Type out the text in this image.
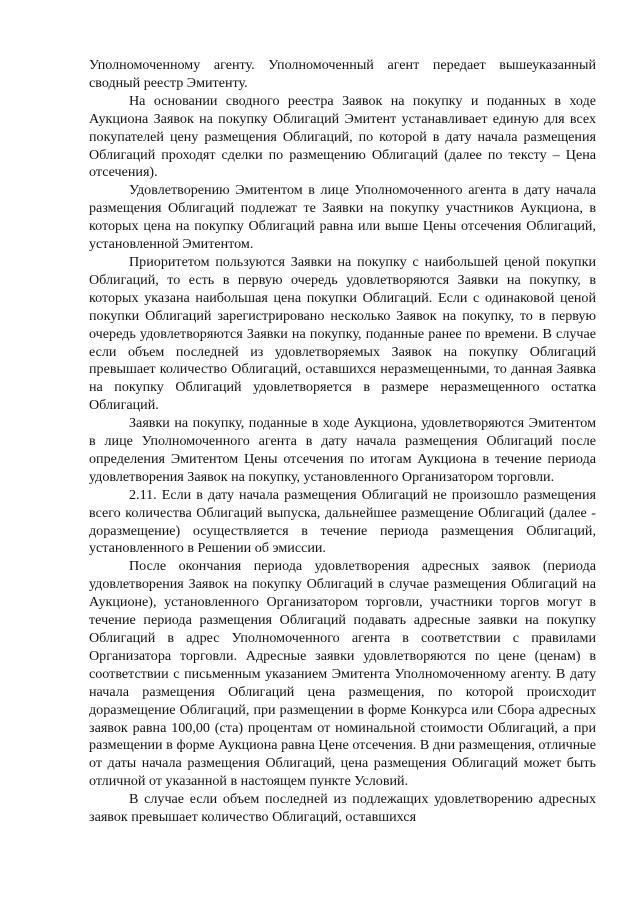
Уполномоченному агенту. Уполномоченный агент передает вышеуказанный сводный реестр Эмитенту.

На основании сводного реестра Заявок на покупку и поданных в ходе Аукциона Заявок на покупку Облигаций Эмитент устанавливает единую для всех покупателей цену размещения Облигаций, по которой в дату начала размещения Облигаций проходят сделки по размещению Облигаций (далее по тексту – Цена отсечения).

Удовлетворению Эмитентом в лице Уполномоченного агента в дату начала размещения Облигаций подлежат те Заявки на покупку участников Аукциона, в которых цена на покупку Облигаций равна или выше Цены отсечения Облигаций, установленной Эмитентом.

Приоритетом пользуются Заявки на покупку с наибольшей ценой покупки Облигаций, то есть в первую очередь удовлетворяются Заявки на покупку, в которых указана наибольшая цена покупки Облигаций. Если с одинаковой ценой покупки Облигаций зарегистрировано несколько Заявок на покупку, то в первую очередь удовлетворяются Заявки на покупку, поданные ранее по времени. В случае если объем последней из удовлетворяемых Заявок на покупку Облигаций превышает количество Облигаций, оставшихся неразмещенными, то данная Заявка на покупку Облигаций удовлетворяется в размере неразмещенного остатка Облигаций.

Заявки на покупку, поданные в ходе Аукциона, удовлетворяются Эмитентом в лице Уполномоченного агента в дату начала размещения Облигаций после определения Эмитентом Цены отсечения по итогам Аукциона в течение периода удовлетворения Заявок на покупку, установленного Организатором торговли.

2.11. Если в дату начала размещения Облигаций не произошло размещения всего количества Облигаций выпуска, дальнейшее размещение Облигаций (далее - доразмещение) осуществляется в течение периода размещения Облигаций, установленного в Решении об эмиссии.

После окончания периода удовлетворения адресных заявок (периода удовлетворения Заявок на покупку Облигаций в случае размещения Облигаций на Аукционе), установленного Организатором торговли, участники торгов могут в течение периода размещения Облигаций подавать адресные заявки на покупку Облигаций в адрес Уполномоченного агента в соответствии с правилами Организатора торговли. Адресные заявки удовлетворяются по цене (ценам) в соответствии с письменным указанием Эмитента Уполномоченному агенту. В дату начала размещения Облигаций цена размещения, по которой происходит доразмещение Облигаций, при размещении в форме Конкурса или Сбора адресных заявок равна 100,00 (ста) процентам от номинальной стоимости Облигаций, а при размещении в форме Аукциона равна Цене отсечения. В дни размещения, отличные от даты начала размещения Облигаций, цена размещения Облигаций может быть отличной от указанной в настоящем пункте Условий.

В случае если объем последней из подлежащих удовлетворению адресных заявок превышает количество Облигаций, оставшихся
